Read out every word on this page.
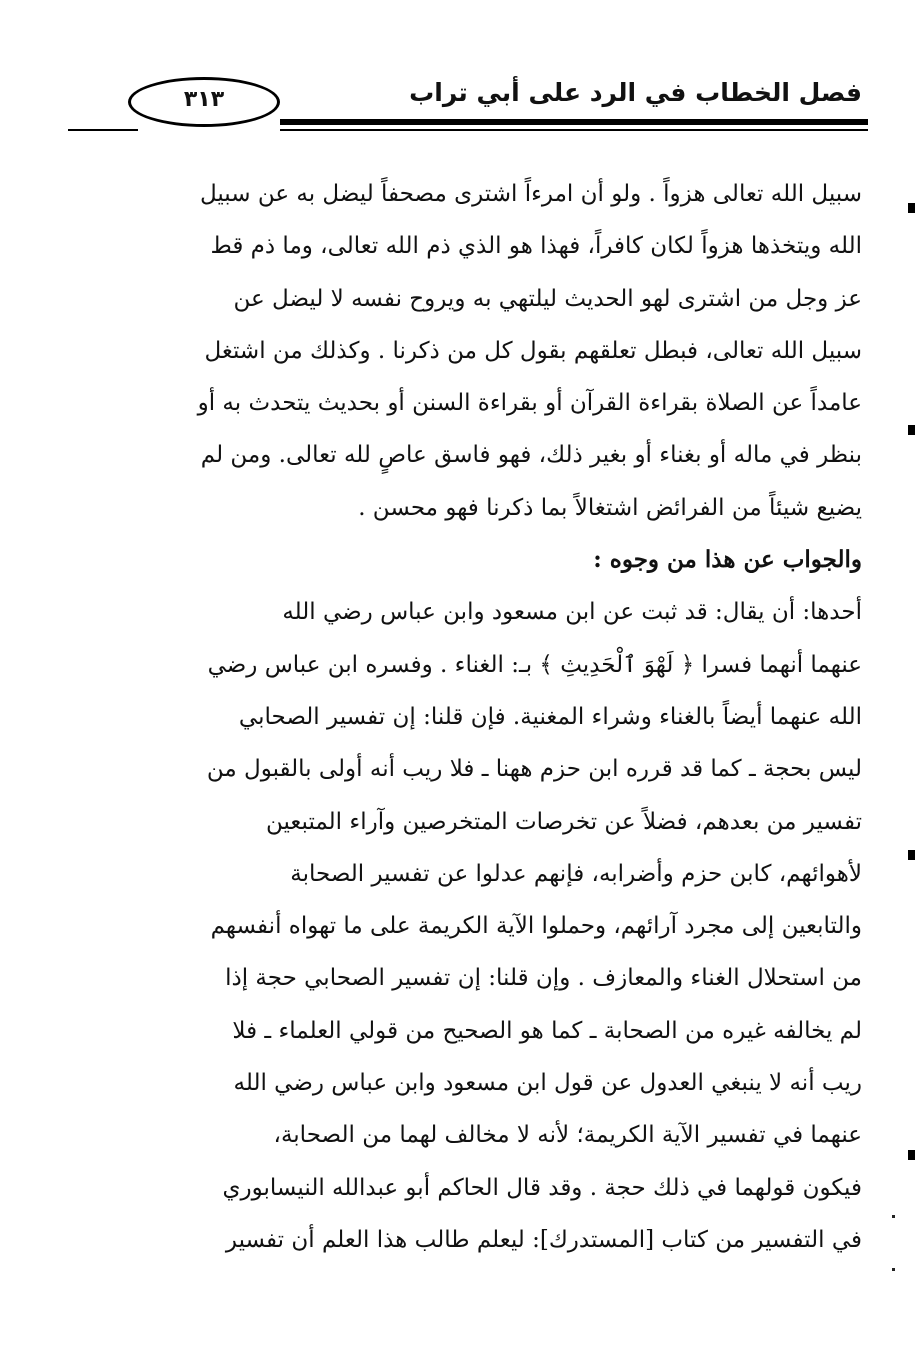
فصل الخطاب في الرد على أبي تراب
٣١٣
سبيل الله تعالى هزواً . ولو أن امرءاً اشترى مصحفاً ليضل به عن سبيل
الله ويتخذها هزواً لكان كافراً، فهذا هو الذي ذم الله تعالى، وما ذم قط
عز وجل من اشترى لهو الحديث ليلتهي به ويروح نفسه لا ليضل عن
سبيل الله تعالى، فبطل تعلقهم بقول كل من ذكرنا . وكذلك من اشتغل
عامداً عن الصلاة بقراءة القرآن أو بقراءة السنن أو بحديث يتحدث به أو
بنظر في ماله أو بغناء أو بغير ذلك، فهو فاسق عاصٍ لله تعالى. ومن لم
يضيع شيئاً من الفرائض اشتغالاً بما ذكرنا فهو محسن .
والجواب عن هذا من وجوه :
أحدها: أن يقال: قد ثبت عن ابن مسعود وابن عباس رضي الله
عنهما أنهما فسرا ﴿ لَهْوَ ٱلْحَدِيثِ ﴾ بـ: الغناء . وفسره ابن عباس رضي
الله عنهما أيضاً بالغناء وشراء المغنية. فإن قلنا: إن تفسير الصحابي
ليس بحجة ـ كما قد قرره ابن حزم ههنا ـ فلا ريب أنه أولى بالقبول من
تفسير من بعدهم، فضلاً عن تخرصات المتخرصين وآراء المتبعين
لأهوائهم، كابن حزم وأضرابه، فإنهم عدلوا عن تفسير الصحابة
والتابعين إلى مجرد آرائهم، وحملوا الآية الكريمة على ما تهواه أنفسهم
من استحلال الغناء والمعازف . وإن قلنا: إن تفسير الصحابي حجة إذا
لم يخالفه غيره من الصحابة ـ كما هو الصحيح من قولي العلماء ـ فلا
ريب أنه لا ينبغي العدول عن قول ابن مسعود وابن عباس رضي الله
عنهما في تفسير الآية الكريمة؛ لأنه لا مخالف لهما من الصحابة،
فيكون قولهما في ذلك حجة . وقد قال الحاكم أبو عبدالله النيسابوري
في التفسير من كتاب [المستدرك]: ليعلم طالب هذا العلم أن تفسير
